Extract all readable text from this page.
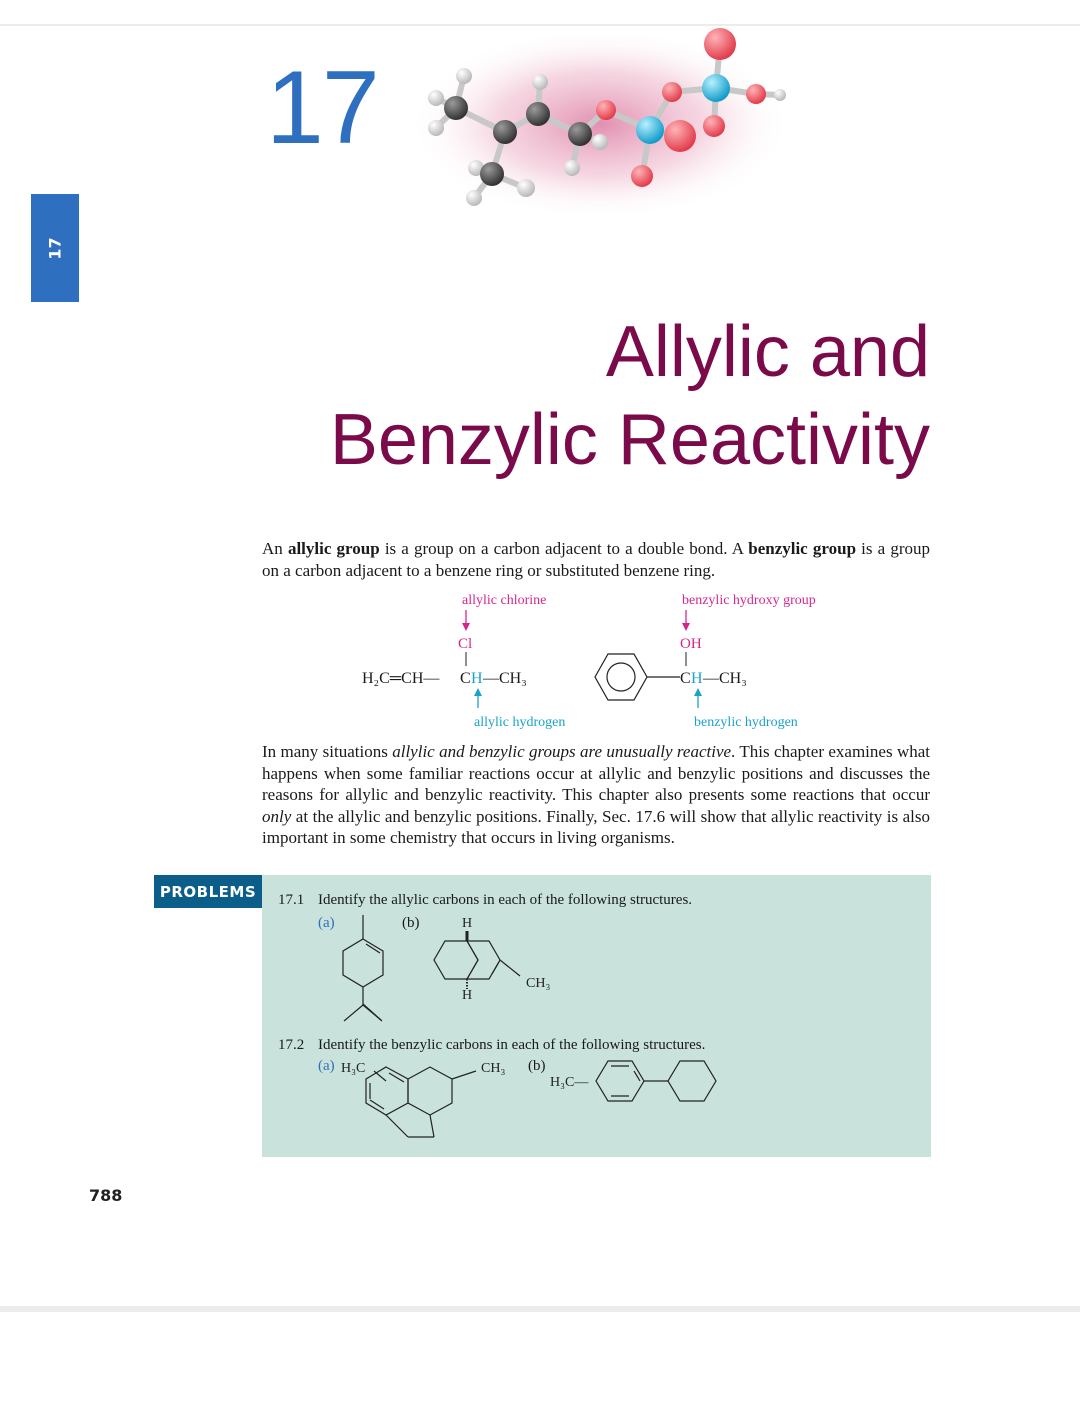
17
17
Allylic and
Benzylic Reactivity
An allylic group is a group on a carbon adjacent to a double bond. A benzylic group is a group on a carbon adjacent to a benzene ring or substituted benzene ring.
allylic chlorine
Cl
H₂C═CH— C H —CH₃
allylic hydrogen
benzylic hydroxy group
OH
C H —CH₃
benzylic hydrogen
In many situations allylic and benzylic groups are unusually reactive. This chapter examines what happens when some familiar reactions occur at allylic and benzylic positions and discusses the reasons for allylic and benzylic reactivity. This chapter also presents some reactions that occur only at the allylic and benzylic positions. Finally, Sec. 17.6 will show that allylic reactivity is also important in some chemistry that occurs in living organisms.
PROBLEMS	17.1 Identify the allylic carbons in each of the following structures.
(a)	(b)
17.2 Identify the benzylic carbons in each of the following structures.
(a)	(b)
H
H
CH₃
H₃C	CH₃
H₃C—
788
